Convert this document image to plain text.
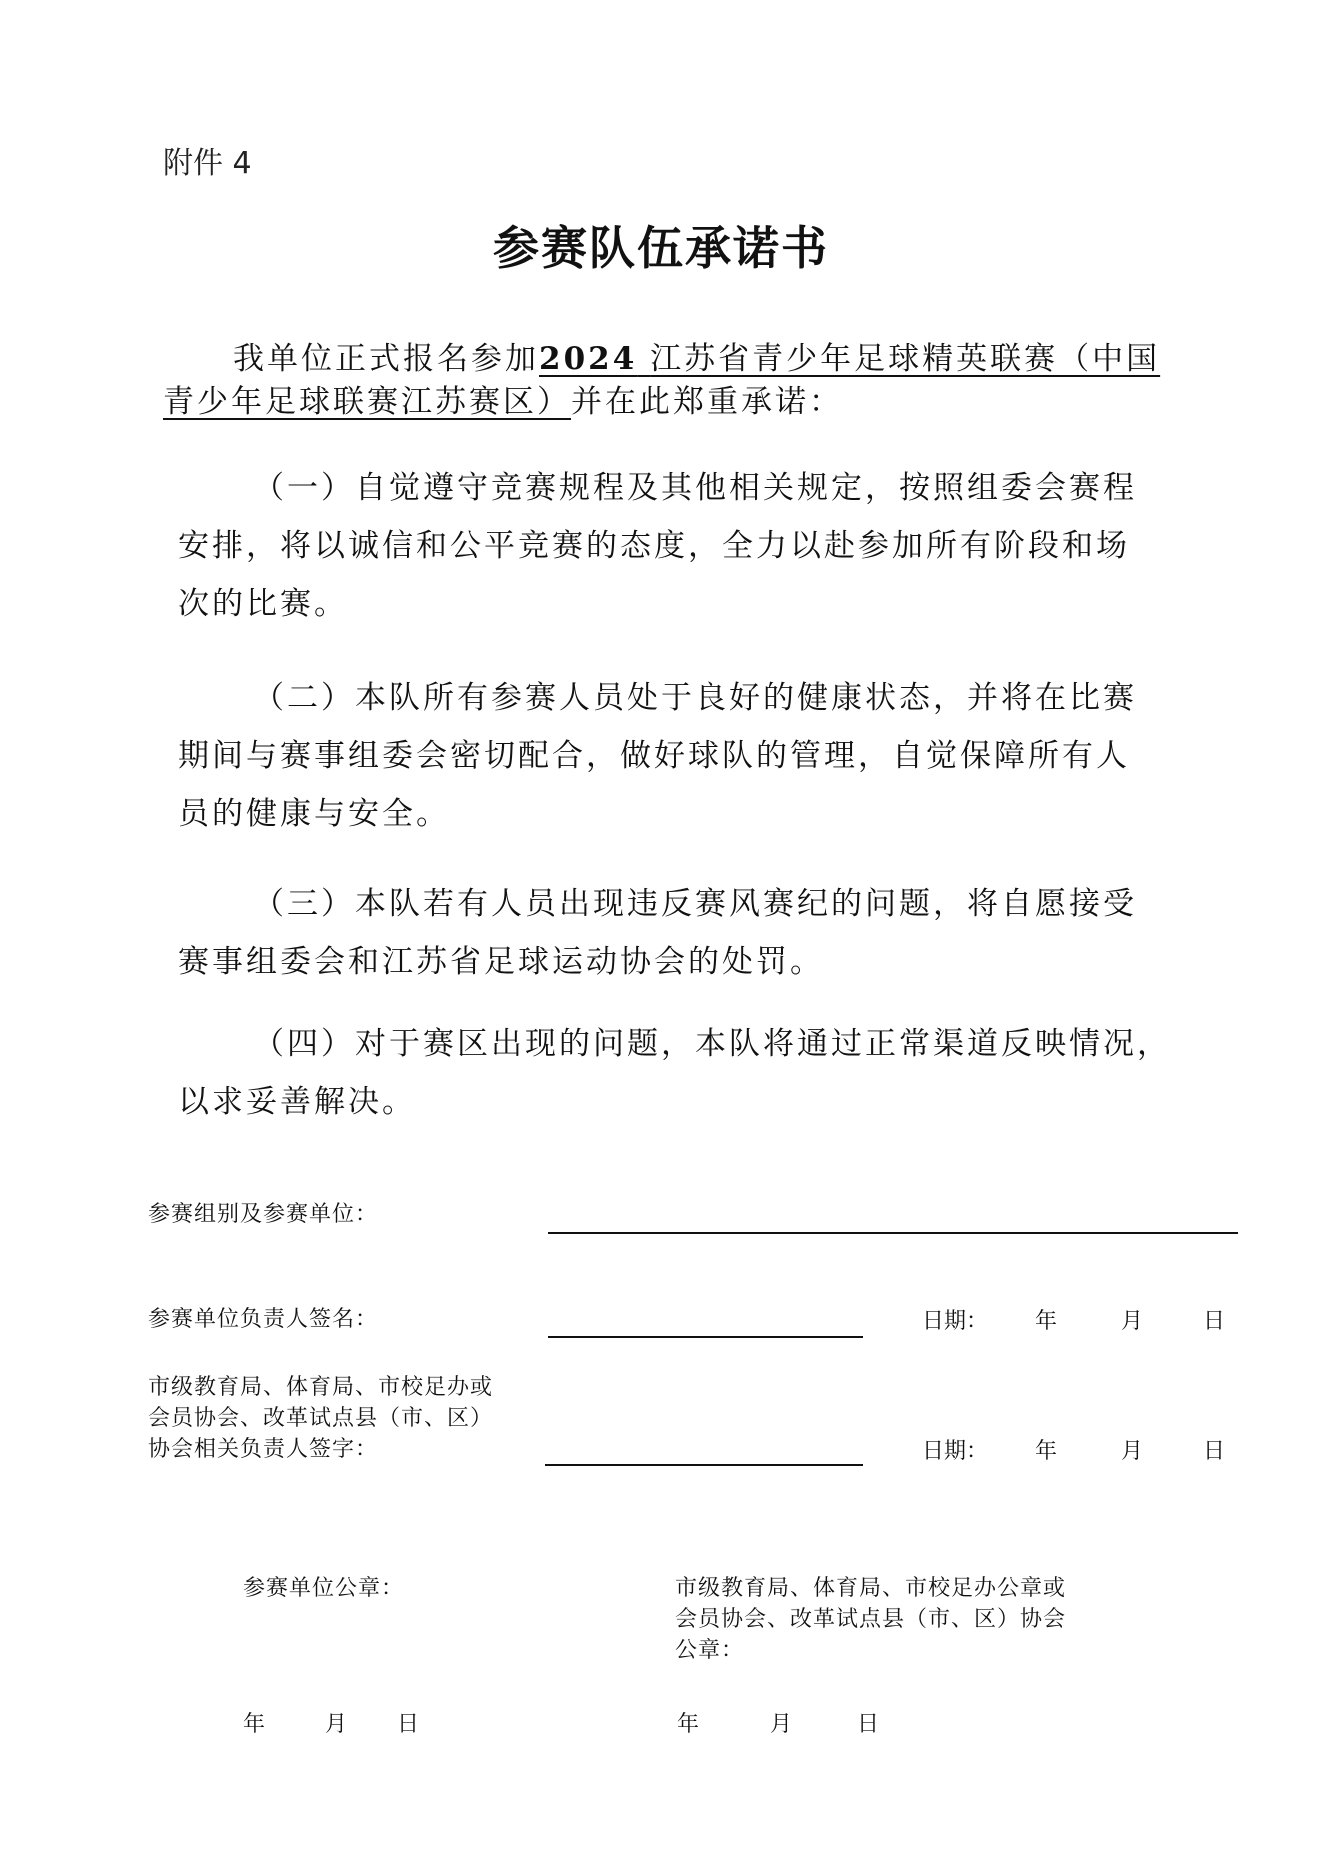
附件 4
参赛队伍承诺书
我单位正式报名参加2024 江苏省青少年足球精英联赛（中国
青少年足球联赛江苏赛区）并在此郑重承诺：
（一）自觉遵守竞赛规程及其他相关规定，按照组委会赛程
安排，将以诚信和公平竞赛的态度，全力以赴参加所有阶段和场
次的比赛。
（二）本队所有参赛人员处于良好的健康状态，并将在比赛
期间与赛事组委会密切配合，做好球队的管理，自觉保障所有人
员的健康与安全。
（三）本队若有人员出现违反赛风赛纪的问题，将自愿接受
赛事组委会和江苏省足球运动协会的处罚。
（四）对于赛区出现的问题，本队将通过正常渠道反映情况，
以求妥善解决。
参赛组别及参赛单位：
参赛单位负责人签名：	日期： 年	月	日
市级教育局、体育局、市校足办或
会员协会、改革试点县（市、区）
协会相关负责人签字：	日期： 年	月	日
参赛单位公章：	市级教育局、体育局、市校足办公章或
会员协会、改革试点县（市、区）协会
公章：
年	月 日	年	月	日
